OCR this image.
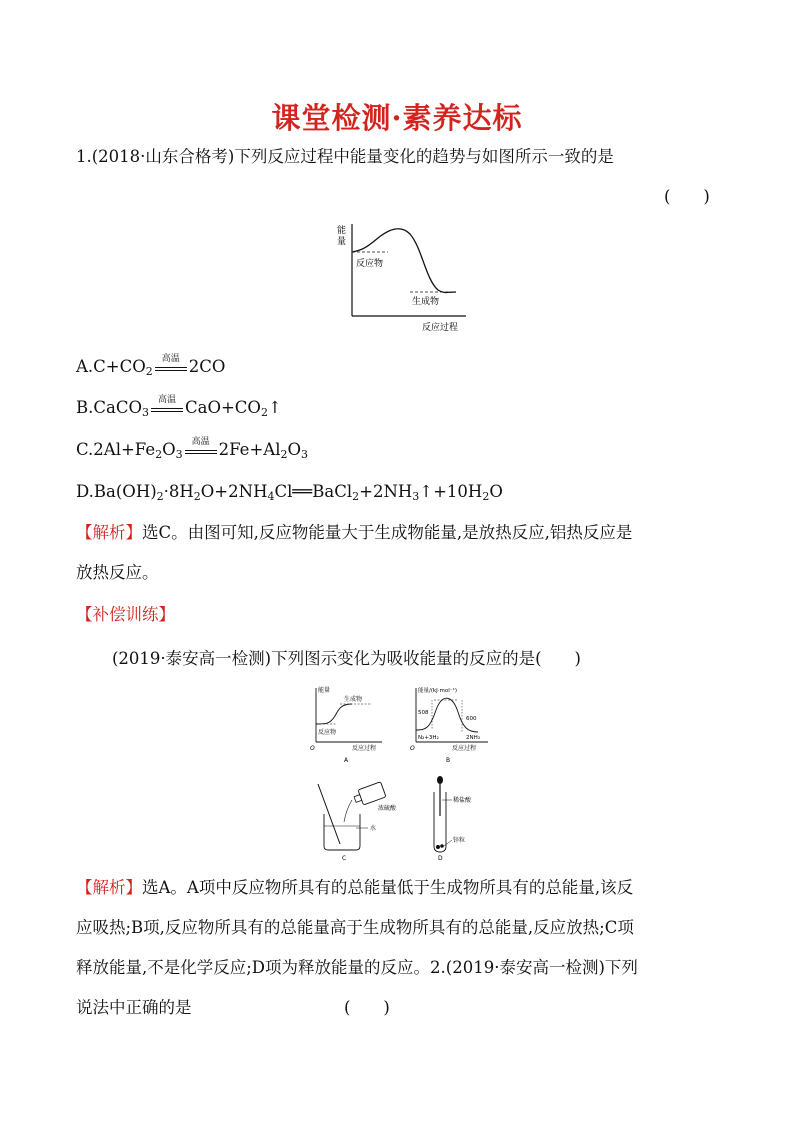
课堂检测·素养达标
1.(2018·山东合格考)下列反应过程中能量变化的趋势与如图所示一致的是
(　　)
能
量
反应物
生成物
反应过程
$A.C+CO_2$
高温 2CO
B.CaCO$_3$
高温 $CaO+CO_2↑$
$C.2Al+Fe_2O_3$
高温 $2Fe+Al_2O_3$
$D.Ba(OH)_2\cdot 8H_2O+2NH_4Cl══BaCl_2+2NH_3↑+10H_2O$
【解析】选C。由图可知,反应物能量大于生成物能量,是放热反应,铝热反应是
放热反应。
【补偿训练】
(2019·泰安高一检测)下列图示变化为吸收能量的反应的是(　　)
能量
生成物
反应物
O	反应过程
A
能量/(kJ·mol⁻¹)
508
600
N₂+3H₂	2NH₃
O	反应过程
B
浓硫酸
水
C
稀盐酸
锌粒
D
【解析】选A。A项中反应物所具有的总能量低于生成物所具有的总能量,该反
应吸热;B项,反应物所具有的总能量高于生成物所具有的总能量,反应放热;C项
释放能量,不是化学反应;D项为释放能量的反应。2.(2019·泰安高一检测)下列
说法中正确的是	(　　)
